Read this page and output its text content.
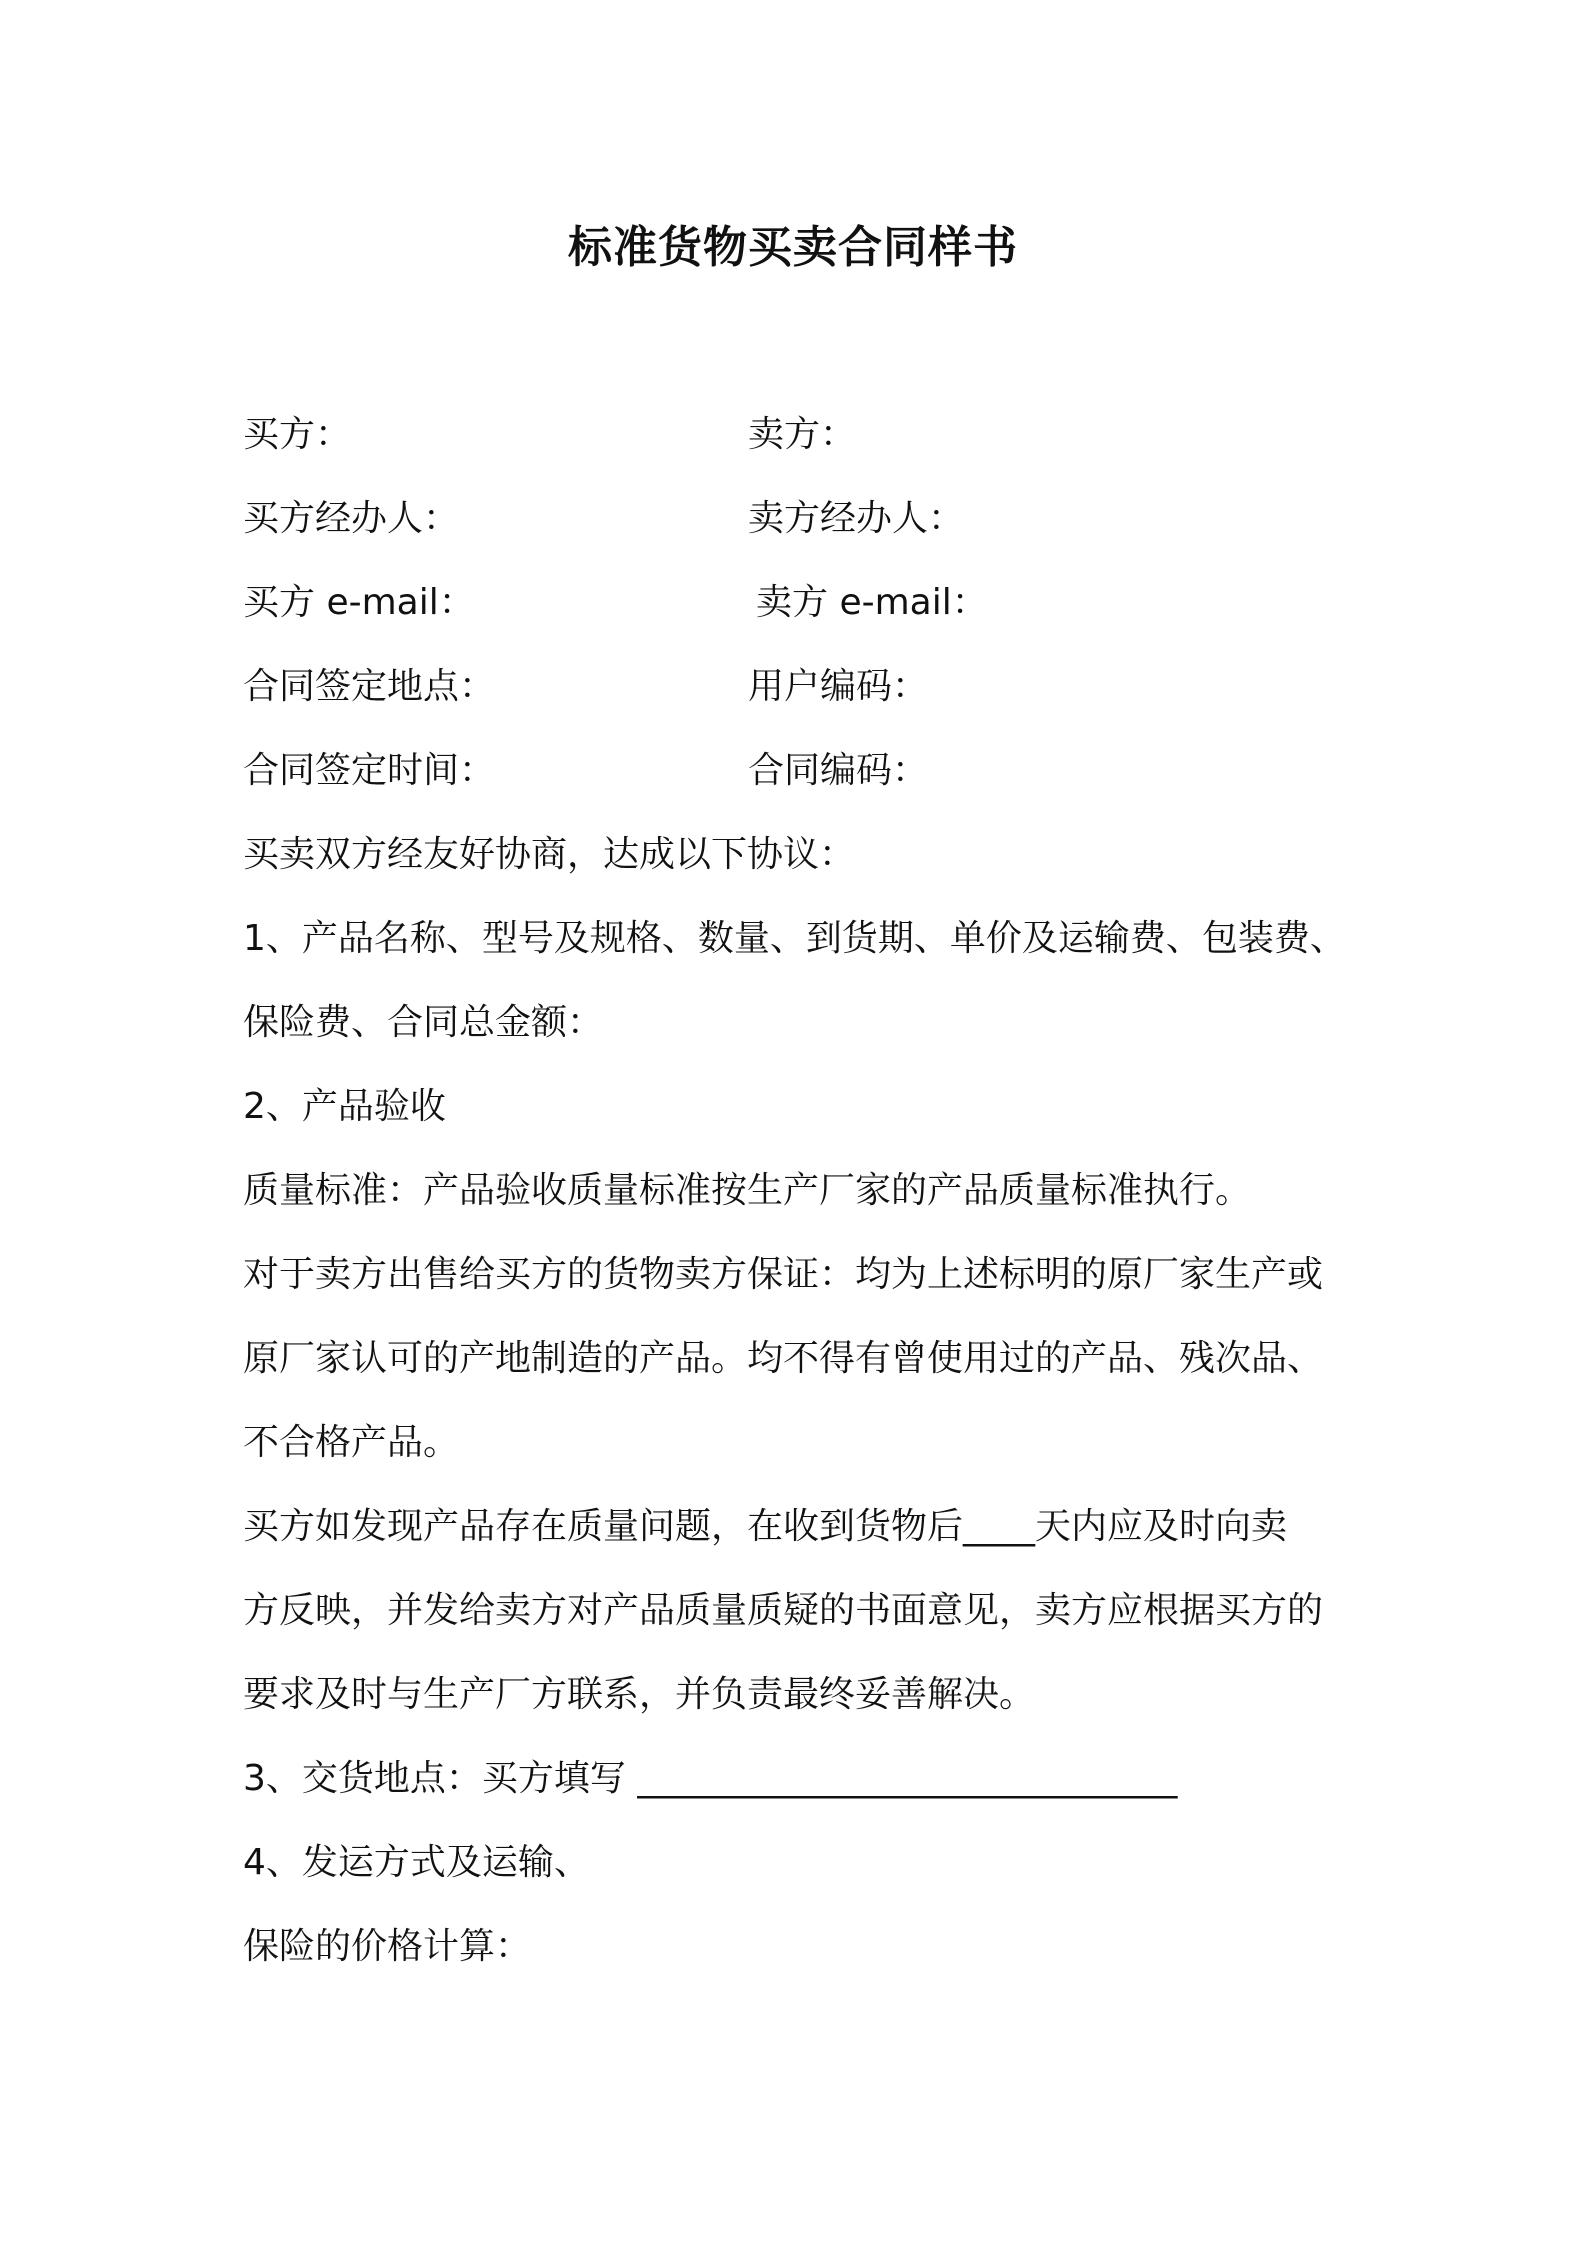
标准货物买卖合同样书
买方：	卖方：
买方经办人：	卖方经办人：
买方 e-mail：	卖方 e-mail：
合同签定地点：	用户编码：
合同签定时间：	合同编码：
买卖双方经友好协商，达成以下协议：
1、产品名称、型号及规格、数量、到货期、单价及运输费、包装费、
保险费、合同总金额：
2、产品验收
质量标准：产品验收质量标准按生产厂家的产品质量标准执行。
对于卖方出售给买方的货物卖方保证：均为上述标明的原厂家生产或
原厂家认可的产地制造的产品。均不得有曾使用过的产品、残次品、
不合格产品。
买方如发现产品存在质量问题，在收到货物后____天内应及时向卖
方反映，并发给卖方对产品质量质疑的书面意见，卖方应根据买方的
要求及时与生产厂方联系，并负责最终妥善解决。
3、交货地点：买方填写 ______________________________
4、发运方式及运输、
保险的价格计算：
